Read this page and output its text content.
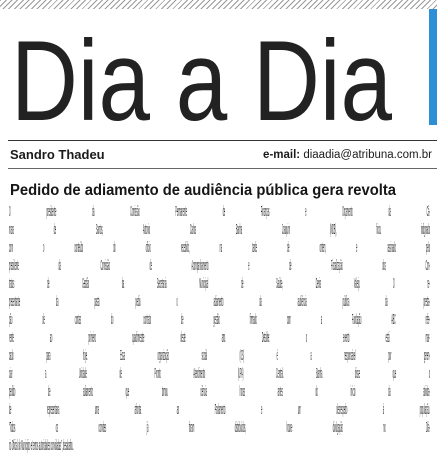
Dia a Dia
Sandro Thadeu	e-mail: diaadia@atribuna.com.br
Pedido de adiamento de audiência pública gera revolta
O presidente da Comissão Permanente de Finanças e Orçamento da Câ-
mara de Santos, Antonio Carlos Banha Joaquim (MDB), ficou indignado
com o conteúdo do ofício recebido, na tarde de ontem, e assinado pelo
presidente da Comissão de Acompanhamento e de Fiscalização dos Con-
tratos de Gestão da Secretaria Municipal de Saúde, Denis Valejo. O re-
presentante da pasta pediu o adiamento da audiência pública da presta-
ção de contas do contrato de gestão firmado com a Fundação ABC refe-
rente ao primeiro quadrimestre deste ano. Detalhe: o evento está mar-
cado para hoje. Essa organização social (OS) é a responsável por geren-
ciar a Unidade de Pronto Atendimento (UPA) Central. Banha disse que o
pedido de adiamento que tomou ciência horas antes do início da ativida-
de representava uma afronta ao Parlamento e um desrespeito à população.
“Todos os convites já foram distribuídos, houve divulgação no Diá-
rio Oficial do Município e temos autoridades convidadas”, desabafou.
